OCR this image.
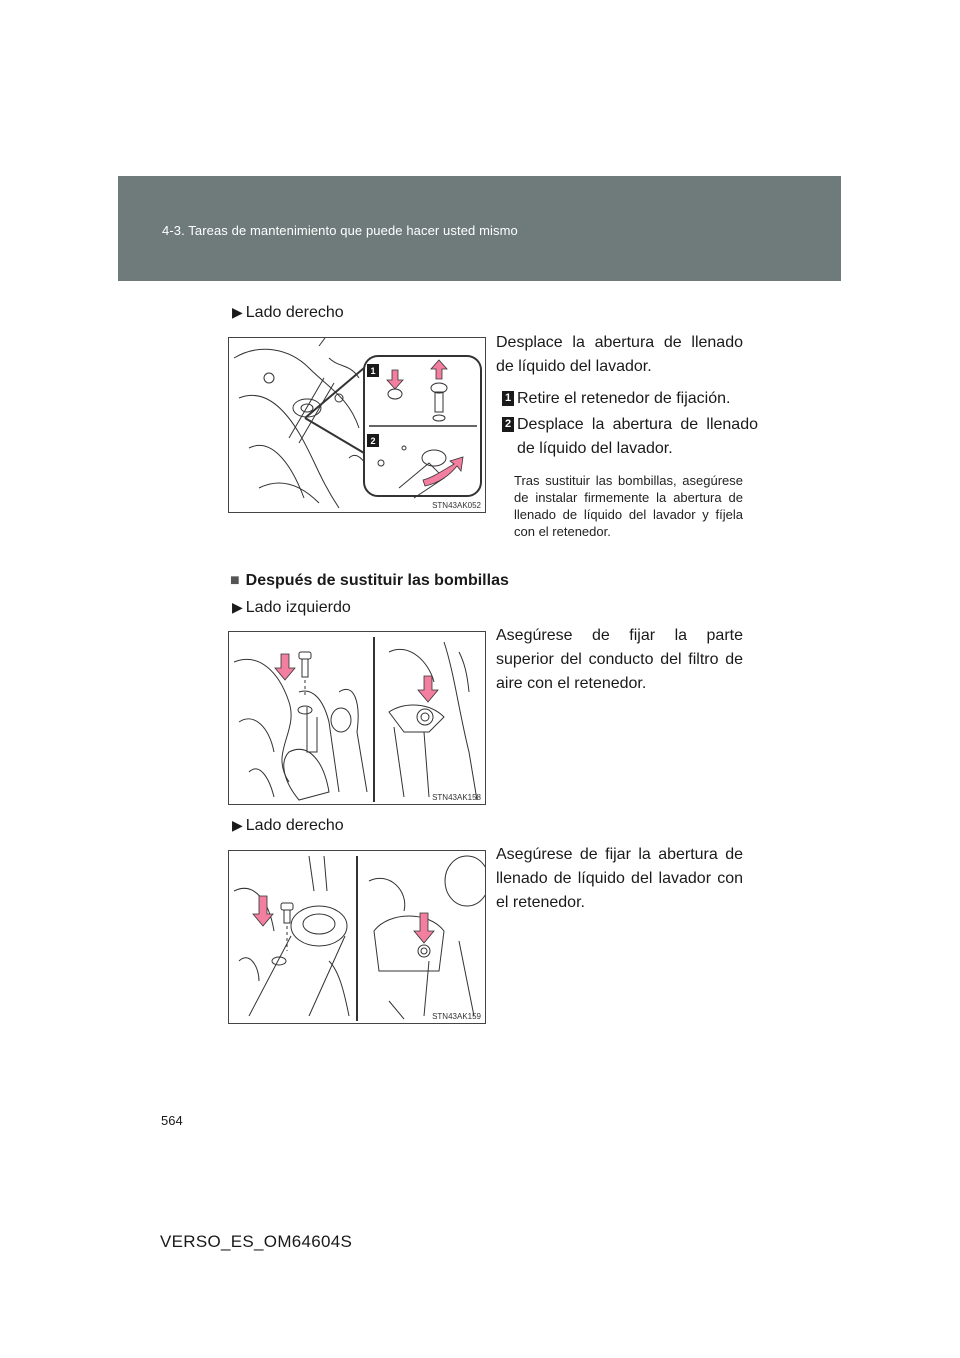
4-3. Tareas de mantenimiento que puede hacer usted mismo
▶ Lado derecho
1
2
STN43AK052
Desplace la abertura de llenado de líquido del lavador.
1 Retire el retenedor de fijación.
2 Desplace la abertura de llenado de líquido del lavador.
Tras sustituir las bombillas, asegúrese de instalar firmemente la abertura de llenado de líquido del lavador y fíjela con el retenedor.
■ Después de sustituir las bombillas
▶ Lado izquierdo
STN43AK158
Asegúrese de fijar la parte superior del conducto del filtro de aire con el retenedor.
▶ Lado derecho
STN43AK159
Asegúrese de fijar la abertura de llenado de líquido del lavador con el retenedor.
564
VERSO_ES_OM64604S
